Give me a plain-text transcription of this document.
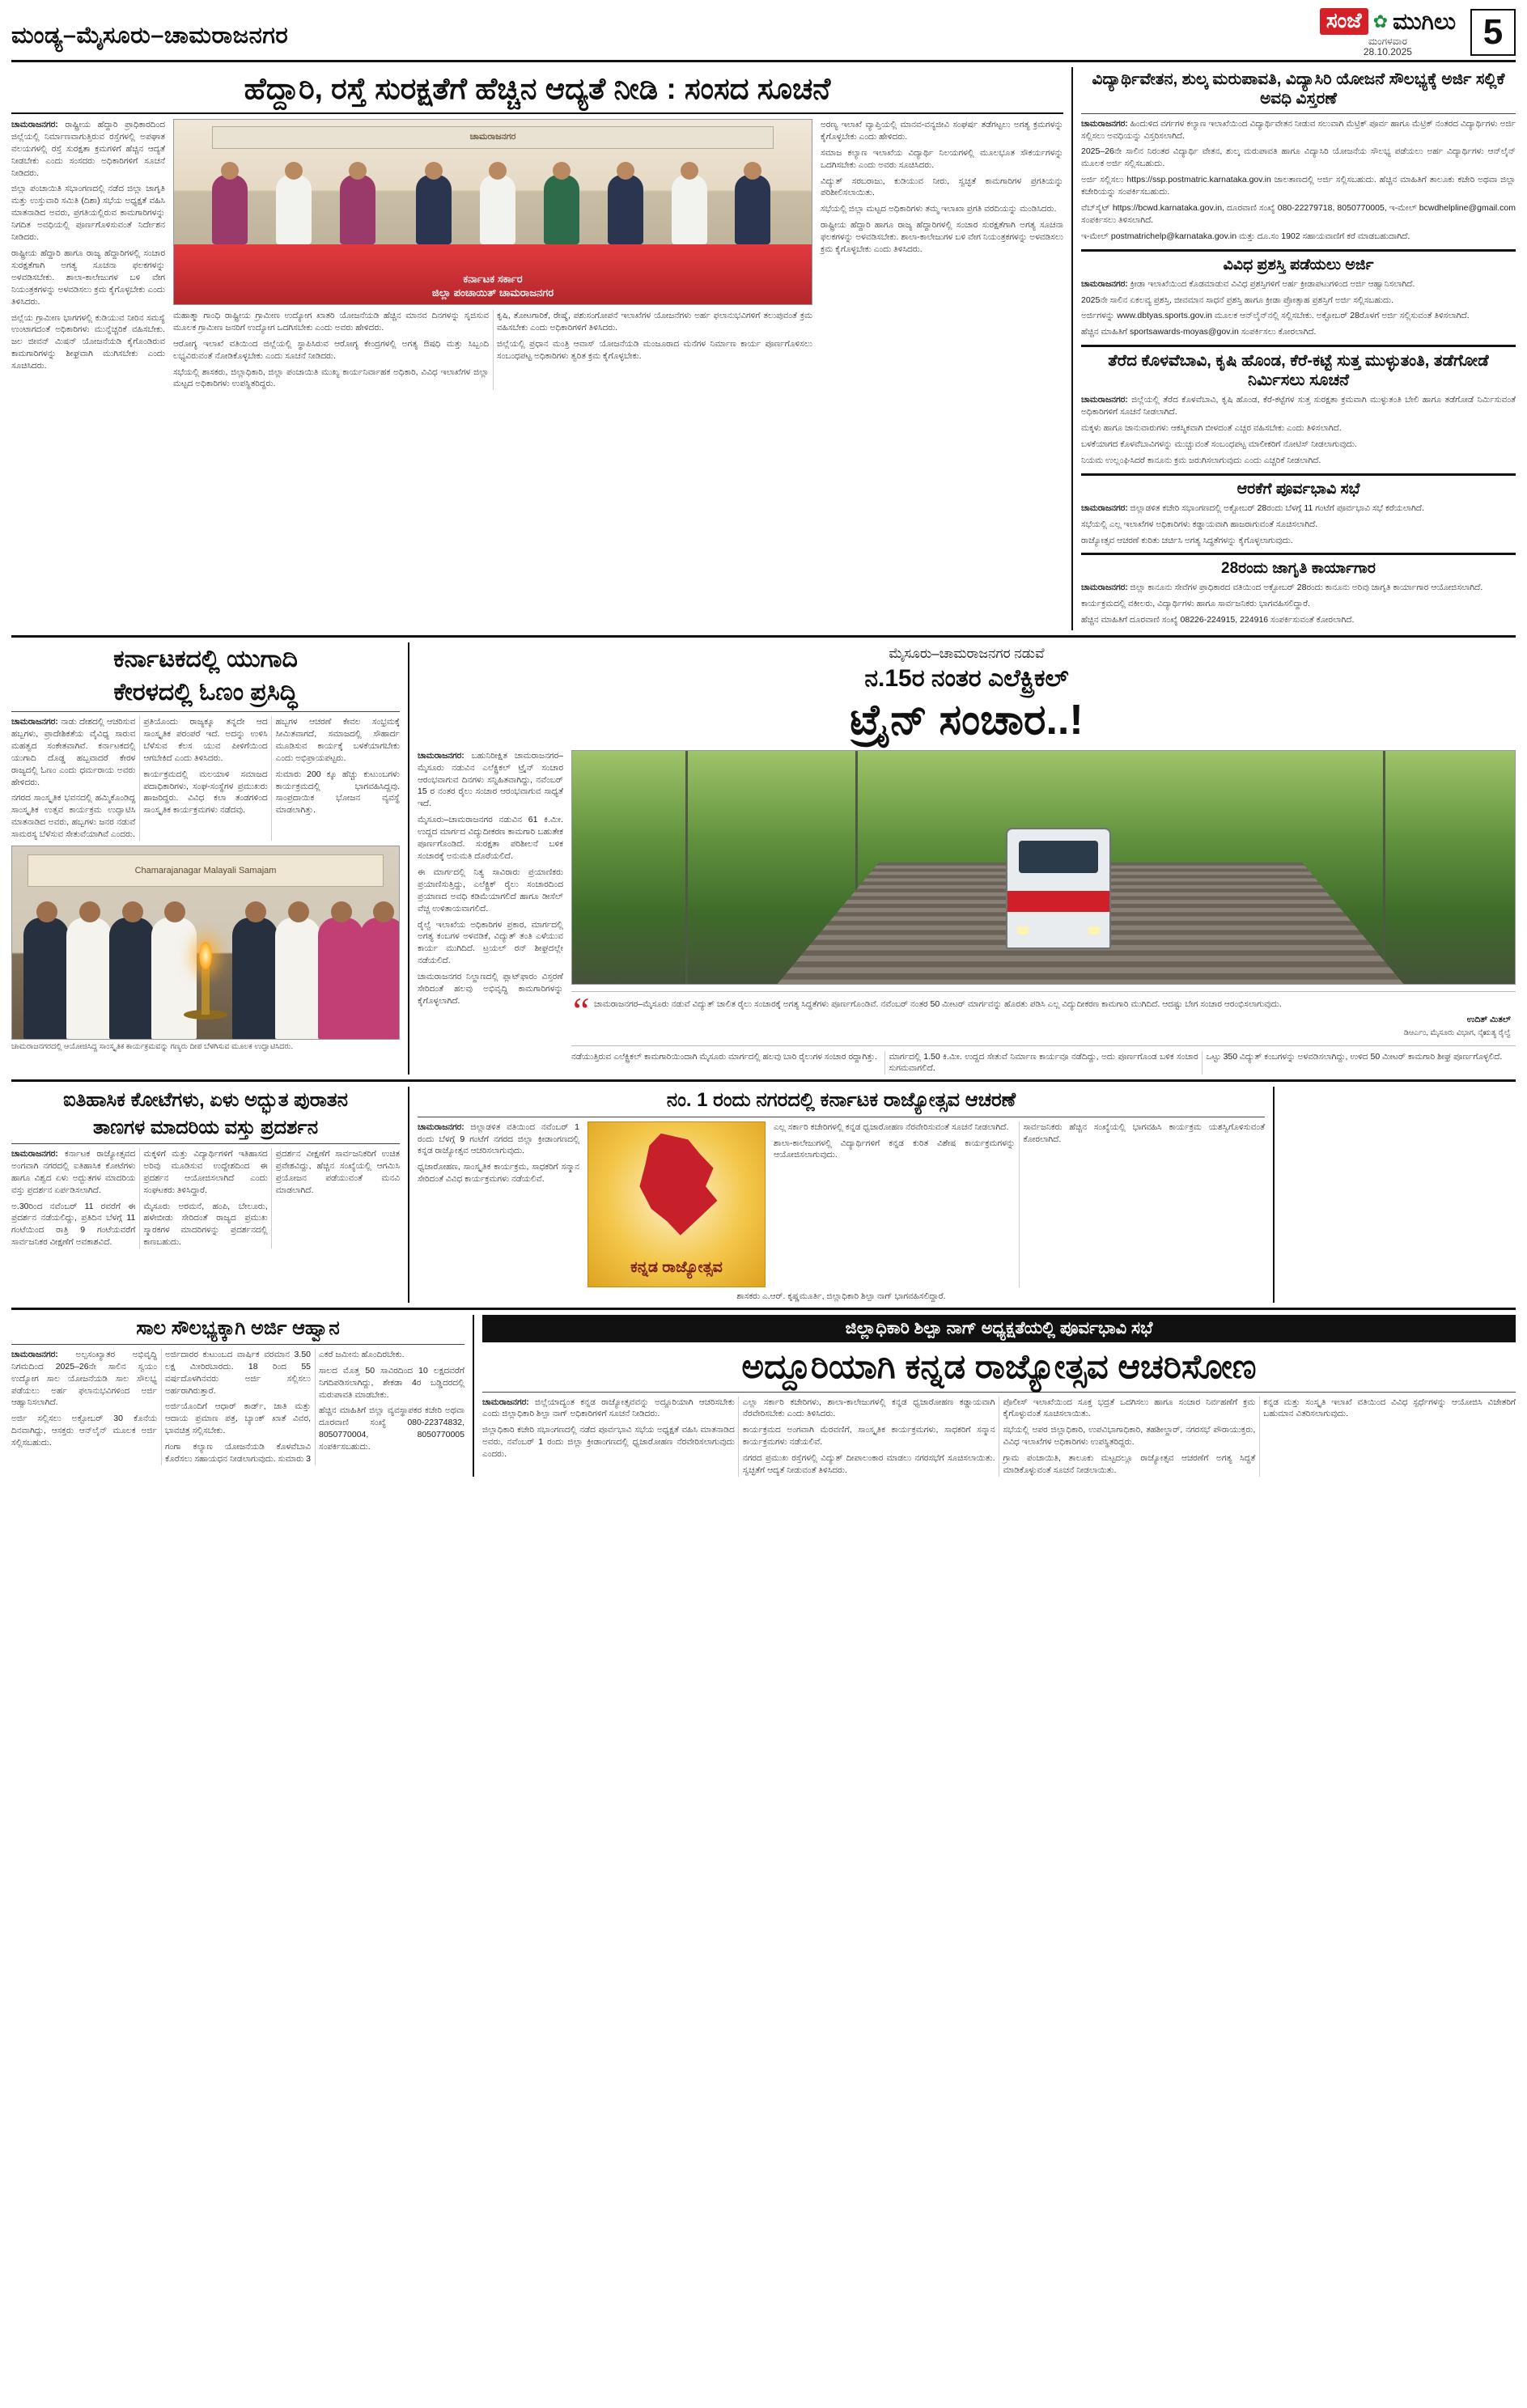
ಮಂಡ್ಯ–ಮೈಸೂರು–ಚಾಮರಾಜನಗರ
ಸಂಜೆ ✿ ಮುಗಿಲು
ಮಂಗಳವಾರ
28.10.2025	5
ಹೆದ್ದಾರಿ, ರಸ್ತೆ ಸುರಕ್ಷತೆಗೆ ಹೆಚ್ಚಿನ ಆದ್ಯತೆ ನೀಡಿ : ಸಂಸದ ಸೂಚನೆ

ಚಾಮರಾಜನಗರ: ರಾಷ್ಟ್ರೀಯ ಹೆದ್ದಾರಿ ಪ್ರಾಧಿಕಾರದಿಂದ ಜಿಲ್ಲೆಯಲ್ಲಿ ನಿರ್ಮಾಣವಾಗುತ್ತಿರುವ ರಸ್ತೆಗಳಲ್ಲಿ ಅಪಘಾತ ವಲಯಗಳಲ್ಲಿ ರಸ್ತೆ ಸುರಕ್ಷತಾ ಕ್ರಮಗಳಿಗೆ ಹೆಚ್ಚಿನ ಆದ್ಯತೆ ನೀಡಬೇಕು ಎಂದು ಸಂಸದರು ಅಧಿಕಾರಿಗಳಿಗೆ ಸೂಚನೆ ನೀಡಿದರು.

ಜಿಲ್ಲಾ ಪಂಚಾಯಿತಿ ಸಭಾಂಗಣದಲ್ಲಿ ನಡೆದ ಜಿಲ್ಲಾ ಜಾಗೃತಿ ಮತ್ತು ಉಸ್ತುವಾರಿ ಸಮಿತಿ (ದಿಶಾ) ಸಭೆಯ ಅಧ್ಯಕ್ಷತೆ ವಹಿಸಿ ಮಾತನಾಡಿದ ಅವರು, ಪ್ರಗತಿಯಲ್ಲಿರುವ ಕಾಮಗಾರಿಗಳನ್ನು ನಿಗದಿತ ಅವಧಿಯಲ್ಲಿ ಪೂರ್ಣಗೊಳಿಸುವಂತೆ ನಿರ್ದೇಶನ ನೀಡಿದರು.

ರಾಷ್ಟ್ರೀಯ ಹೆದ್ದಾರಿ ಹಾಗೂ ರಾಜ್ಯ ಹೆದ್ದಾರಿಗಳಲ್ಲಿ ಸಂಚಾರ ಸುರಕ್ಷತೆಗಾಗಿ ಅಗತ್ಯ ಸೂಚನಾ ಫಲಕಗಳನ್ನು ಅಳವಡಿಸಬೇಕು. ಶಾಲಾ-ಕಾಲೇಜುಗಳ ಬಳಿ ವೇಗ ನಿಯಂತ್ರಕಗಳನ್ನು ಅಳವಡಿಸಲು ಕ್ರಮ ಕೈಗೊಳ್ಳಬೇಕು ಎಂದು ತಿಳಿಸಿದರು.

ಜಿಲ್ಲೆಯ ಗ್ರಾಮೀಣ ಭಾಗಗಳಲ್ಲಿ ಕುಡಿಯುವ ನೀರಿನ ಸಮಸ್ಯೆ ಉಂಟಾಗದಂತೆ ಅಧಿಕಾರಿಗಳು ಮುನ್ನೆಚ್ಚರಿಕೆ ವಹಿಸಬೇಕು. ಜಲ ಜೀವನ್ ಮಿಷನ್ ಯೋಜನೆಯಡಿ ಕೈಗೊಂಡಿರುವ ಕಾಮಗಾರಿಗಳನ್ನು ಶೀಘ್ರವಾಗಿ ಮುಗಿಸಬೇಕು ಎಂದು ಸೂಚಿಸಿದರು.

ಚಾಮರಾಜನಗರ
ಕರ್ನಾಟಕ ಸರ್ಕಾರ
ಜಿಲ್ಲಾ ಪಂಚಾಯಿತ್ ಚಾಮರಾಜನಗರ

ಮಹಾತ್ಮಾ ಗಾಂಧಿ ರಾಷ್ಟ್ರೀಯ ಗ್ರಾಮೀಣ ಉದ್ಯೋಗ ಖಾತರಿ ಯೋಜನೆಯಡಿ ಹೆಚ್ಚಿನ ಮಾನವ ದಿನಗಳನ್ನು ಸೃಜಿಸುವ ಮೂಲಕ ಗ್ರಾಮೀಣ ಜನರಿಗೆ ಉದ್ಯೋಗ ಒದಗಿಸಬೇಕು ಎಂದು ಅವರು ಹೇಳಿದರು.

ಆರೋಗ್ಯ ಇಲಾಖೆ ವತಿಯಿಂದ ಜಿಲ್ಲೆಯಲ್ಲಿ ಸ್ಥಾಪಿಸಿರುವ ಆರೋಗ್ಯ ಕೇಂದ್ರಗಳಲ್ಲಿ ಅಗತ್ಯ ಔಷಧಿ ಮತ್ತು ಸಿಬ್ಬಂದಿ ಲಭ್ಯವಿರುವಂತೆ ನೋಡಿಕೊಳ್ಳಬೇಕು ಎಂದು ಸೂಚನೆ ನೀಡಿದರು.

ಸಭೆಯಲ್ಲಿ ಶಾಸಕರು, ಜಿಲ್ಲಾಧಿಕಾರಿ, ಜಿಲ್ಲಾ ಪಂಚಾಯಿತಿ ಮುಖ್ಯ ಕಾರ್ಯನಿರ್ವಾಹಕ ಅಧಿಕಾರಿ, ವಿವಿಧ ಇಲಾಖೆಗಳ ಜಿಲ್ಲಾ ಮಟ್ಟದ ಅಧಿಕಾರಿಗಳು ಉಪಸ್ಥಿತರಿದ್ದರು.

ಕೃಷಿ, ತೋಟಗಾರಿಕೆ, ರೇಷ್ಮೆ, ಪಶುಸಂಗೋಪನೆ ಇಲಾಖೆಗಳ ಯೋಜನೆಗಳು ಅರ್ಹ ಫಲಾನುಭವಿಗಳಿಗೆ ತಲುಪುವಂತೆ ಕ್ರಮ ವಹಿಸಬೇಕು ಎಂದು ಅಧಿಕಾರಿಗಳಿಗೆ ತಿಳಿಸಿದರು.

ಜಿಲ್ಲೆಯಲ್ಲಿ ಪ್ರಧಾನ ಮಂತ್ರಿ ಆವಾಸ್ ಯೋಜನೆಯಡಿ ಮಂಜೂರಾದ ಮನೆಗಳ ನಿರ್ಮಾಣ ಕಾರ್ಯ ಪೂರ್ಣಗೊಳಿಸಲು ಸಂಬಂಧಪಟ್ಟ ಅಧಿಕಾರಿಗಳು ತ್ವರಿತ ಕ್ರಮ ಕೈಗೊಳ್ಳಬೇಕು.

ಅರಣ್ಯ ಇಲಾಖೆ ವ್ಯಾಪ್ತಿಯಲ್ಲಿ ಮಾನವ-ವನ್ಯಜೀವಿ ಸಂಘರ್ಷ ತಡೆಗಟ್ಟಲು ಅಗತ್ಯ ಕ್ರಮಗಳನ್ನು ಕೈಗೊಳ್ಳಬೇಕು ಎಂದು ಹೇಳಿದರು.

ಸಮಾಜ ಕಲ್ಯಾಣ ಇಲಾಖೆಯ ವಿದ್ಯಾರ್ಥಿ ನಿಲಯಗಳಲ್ಲಿ ಮೂಲಭೂತ ಸೌಕರ್ಯಗಳನ್ನು ಒದಗಿಸಬೇಕು ಎಂದು ಅವರು ಸೂಚಿಸಿದರು.

ವಿದ್ಯುತ್ ಸರಬರಾಜು, ಕುಡಿಯುವ ನೀರು, ಸ್ವಚ್ಛತೆ ಕಾಮಗಾರಿಗಳ ಪ್ರಗತಿಯನ್ನು ಪರಿಶೀಲಿಸಲಾಯಿತು.

ಸಭೆಯಲ್ಲಿ ಜಿಲ್ಲಾ ಮಟ್ಟದ ಅಧಿಕಾರಿಗಳು ತಮ್ಮ ಇಲಾಖಾ ಪ್ರಗತಿ ವರದಿಯನ್ನು ಮಂಡಿಸಿದರು.

ರಾಷ್ಟ್ರೀಯ ಹೆದ್ದಾರಿ ಹಾಗೂ ರಾಜ್ಯ ಹೆದ್ದಾರಿಗಳಲ್ಲಿ ಸಂಚಾರ ಸುರಕ್ಷತೆಗಾಗಿ ಅಗತ್ಯ ಸೂಚನಾ ಫಲಕಗಳನ್ನು ಅಳವಡಿಸಬೇಕು. ಶಾಲಾ-ಕಾಲೇಜುಗಳ ಬಳಿ ವೇಗ ನಿಯಂತ್ರಕಗಳನ್ನು ಅಳವಡಿಸಲು ಕ್ರಮ ಕೈಗೊಳ್ಳಬೇಕು ಎಂದು ತಿಳಿಸಿದರು.

ವಿದ್ಯಾರ್ಥಿವೇತನ, ಶುಲ್ಕ ಮರುಪಾವತಿ, ವಿದ್ಯಾಸಿರಿ ಯೋಜನೆ ಸೌಲಭ್ಯಕ್ಕೆ ಅರ್ಜಿ ಸಲ್ಲಿಕೆ ಅವಧಿ ವಿಸ್ತರಣೆ

ಚಾಮರಾಜನಗರ: ಹಿಂದುಳಿದ ವರ್ಗಗಳ ಕಲ್ಯಾಣ ಇಲಾಖೆಯಿಂದ ವಿದ್ಯಾರ್ಥಿವೇತನ ನೀಡುವ ಸಲುವಾಗಿ ಮೆಟ್ರಿಕ್ ಪೂರ್ವ ಹಾಗೂ ಮೆಟ್ರಿಕ್ ನಂತರದ ವಿದ್ಯಾರ್ಥಿಗಳು ಅರ್ಜಿ ಸಲ್ಲಿಸಲು ಅವಧಿಯನ್ನು ವಿಸ್ತರಿಸಲಾಗಿದೆ.

2025–26ನೇ ಸಾಲಿನ ನಿರಂತರ ವಿದ್ಯಾರ್ಥಿ ವೇತನ, ಶುಲ್ಕ ಮರುಪಾವತಿ ಹಾಗೂ ವಿದ್ಯಾಸಿರಿ ಯೋಜನೆಯ ಸೌಲಭ್ಯ ಪಡೆಯಲು ಅರ್ಹ ವಿದ್ಯಾರ್ಥಿಗಳು ಆನ್‌ಲೈನ್ ಮೂಲಕ ಅರ್ಜಿ ಸಲ್ಲಿಸಬಹುದು.

ಅರ್ಜಿ ಸಲ್ಲಿಸಲು https://ssp.postmatric.karnataka.gov.in ಜಾಲತಾಣದಲ್ಲಿ ಅರ್ಜಿ ಸಲ್ಲಿಸಬಹುದು. ಹೆಚ್ಚಿನ ಮಾಹಿತಿಗೆ ತಾಲೂಕು ಕಚೇರಿ ಅಥವಾ ಜಿಲ್ಲಾ ಕಚೇರಿಯನ್ನು ಸಂಪರ್ಕಿಸಬಹುದು.

ವೆಬ್‌ಸೈಟ್ https://bcwd.karnataka.gov.in, ದೂರವಾಣಿ ಸಂಖ್ಯೆ 080-22279718, 8050770005, ಇ-ಮೇಲ್ bcwdhelpline@gmail.com ಸಂಪರ್ಕಿಸಲು ತಿಳಿಸಲಾಗಿದೆ.

ಇ-ಮೇಲ್ postmatrichelp@karnataka.gov.in ಮತ್ತು ದೂ.ಸಂ 1902 ಸಹಾಯವಾಣಿಗೆ ಕರೆ ಮಾಡಬಹುದಾಗಿದೆ.

ವಿವಿಧ ಪ್ರಶಸ್ತಿ ಪಡೆಯಲು ಅರ್ಜಿ

ಚಾಮರಾಜನಗರ: ಕ್ರೀಡಾ ಇಲಾಖೆಯಿಂದ ಕೊಡಮಾಡುವ ವಿವಿಧ ಪ್ರಶಸ್ತಿಗಳಿಗೆ ಅರ್ಹ ಕ್ರೀಡಾಪಟುಗಳಿಂದ ಅರ್ಜಿ ಆಹ್ವಾನಿಸಲಾಗಿದೆ.

2025ನೇ ಸಾಲಿನ ಏಕಲವ್ಯ ಪ್ರಶಸ್ತಿ, ಜೀವಮಾನ ಸಾಧನೆ ಪ್ರಶಸ್ತಿ ಹಾಗೂ ಕ್ರೀಡಾ ಪ್ರೋತ್ಸಾಹ ಪ್ರಶಸ್ತಿಗೆ ಅರ್ಜಿ ಸಲ್ಲಿಸಬಹುದು.

ಅರ್ಜಿಗಳನ್ನು www.dbtyas.sports.gov.in ಮೂಲಕ ಆನ್‌ಲೈನ್‌ನಲ್ಲಿ ಸಲ್ಲಿಸಬೇಕು. ಅಕ್ಟೋಬರ್ 28ರೊಳಗೆ ಅರ್ಜಿ ಸಲ್ಲಿಸುವಂತೆ ತಿಳಿಸಲಾಗಿದೆ.

ಹೆಚ್ಚಿನ ಮಾಹಿತಿಗೆ sportsawards-moyas@gov.in ಸಂಪರ್ಕಿಸಲು ಕೋರಲಾಗಿದೆ.

ತೆರೆದ ಕೊಳವೆಬಾವಿ, ಕೃಷಿ ಹೊಂಡ, ಕೆರೆ-ಕಟ್ಟೆ ಸುತ್ತ ಮುಳ್ಳುತಂತಿ, ತಡೆಗೋಡೆ ನಿರ್ಮಿಸಲು ಸೂಚನೆ

ಚಾಮರಾಜನಗರ: ಜಿಲ್ಲೆಯಲ್ಲಿ ತೆರೆದ ಕೊಳವೆಬಾವಿ, ಕೃಷಿ ಹೊಂಡ, ಕೆರೆ-ಕಟ್ಟೆಗಳ ಸುತ್ತ ಸುರಕ್ಷತಾ ಕ್ರಮವಾಗಿ ಮುಳ್ಳುತಂತಿ ಬೇಲಿ ಹಾಗೂ ತಡೆಗೋಡೆ ನಿರ್ಮಿಸುವಂತೆ ಅಧಿಕಾರಿಗಳಿಗೆ ಸೂಚನೆ ನೀಡಲಾಗಿದೆ.

ಮಕ್ಕಳು ಹಾಗೂ ಜಾನುವಾರುಗಳು ಆಕಸ್ಮಿಕವಾಗಿ ಬೀಳದಂತೆ ಎಚ್ಚರ ವಹಿಸಬೇಕು ಎಂದು ತಿಳಿಸಲಾಗಿದೆ.

ಬಳಕೆಯಾಗದ ಕೊಳವೆಬಾವಿಗಳನ್ನು ಮುಚ್ಚುವಂತೆ ಸಂಬಂಧಪಟ್ಟ ಮಾಲೀಕರಿಗೆ ನೋಟಿಸ್ ನೀಡಲಾಗುವುದು.

ನಿಯಮ ಉಲ್ಲಂಘಿಸಿದರೆ ಕಾನೂನು ಕ್ರಮ ಜರುಗಿಸಲಾಗುವುದು ಎಂದು ಎಚ್ಚರಿಕೆ ನೀಡಲಾಗಿದೆ.

ಆರಕೆಗೆ ಪೂರ್ವಭಾವಿ ಸಭೆ

ಚಾಮರಾಜನಗರ: ಜಿಲ್ಲಾಡಳಿತ ಕಚೇರಿ ಸಭಾಂಗಣದಲ್ಲಿ ಅಕ್ಟೋಬರ್ 28ರಂದು ಬೆಳಗ್ಗೆ 11 ಗಂಟೆಗೆ ಪೂರ್ವಭಾವಿ ಸಭೆ ಕರೆಯಲಾಗಿದೆ.

ಸಭೆಯಲ್ಲಿ ಎಲ್ಲ ಇಲಾಖೆಗಳ ಅಧಿಕಾರಿಗಳು ಕಡ್ಡಾಯವಾಗಿ ಹಾಜರಾಗುವಂತೆ ಸೂಚಿಸಲಾಗಿದೆ.

ರಾಜ್ಯೋತ್ಸವ ಆಚರಣೆ ಕುರಿತು ಚರ್ಚಿಸಿ ಅಗತ್ಯ ಸಿದ್ಧತೆಗಳನ್ನು ಕೈಗೊಳ್ಳಲಾಗುವುದು.

28ರಂದು ಜಾಗೃತಿ ಕಾರ್ಯಾಗಾರ

ಚಾಮರಾಜನಗರ: ಜಿಲ್ಲಾ ಕಾನೂನು ಸೇವೆಗಳ ಪ್ರಾಧಿಕಾರದ ವತಿಯಿಂದ ಅಕ್ಟೋಬರ್ 28ರಂದು ಕಾನೂನು ಅರಿವು ಜಾಗೃತಿ ಕಾರ್ಯಾಗಾರ ಆಯೋಜಿಸಲಾಗಿದೆ.

ಕಾರ್ಯಕ್ರಮದಲ್ಲಿ ವಕೀಲರು, ವಿದ್ಯಾರ್ಥಿಗಳು ಹಾಗೂ ಸಾರ್ವಜನಿಕರು ಭಾಗವಹಿಸಲಿದ್ದಾರೆ.

ಹೆಚ್ಚಿನ ಮಾಹಿತಿಗೆ ದೂರವಾಣಿ ಸಂಖ್ಯೆ 08226-224915, 224916 ಸಂಪರ್ಕಿಸುವಂತೆ ಕೋರಲಾಗಿದೆ.

ಕರ್ನಾಟಕದಲ್ಲಿ ಯುಗಾದಿ
ಕೇರಳದಲ್ಲಿ ಓಣಂ ಪ್ರಸಿದ್ಧಿ

ಚಾಮರಾಜನಗರ: ನಾಡು ದೇಶದಲ್ಲಿ ಆಚರಿಸುವ ಹಬ್ಬಗಳು, ಪ್ರಾದೇಶಿಕತೆಯ ವೈವಿಧ್ಯ ಸಾರುವ ಮಹತ್ವದ ಸಂಕೇತವಾಗಿವೆ. ಕರ್ನಾಟಕದಲ್ಲಿ ಯುಗಾದಿ ದೊಡ್ಡ ಹಬ್ಬವಾದರೆ ಕೇರಳ ರಾಜ್ಯದಲ್ಲಿ ಓಣಂ ಎಂದು ಧರ್ಮರಾಯ ಅವರು ಹೇಳಿದರು.

ನಗರದ ಸಾಂಸ್ಕೃತಿಕ ಭವನದಲ್ಲಿ ಹಮ್ಮಿಕೊಂಡಿದ್ದ ಸಾಂಸ್ಕೃತಿಕ ಉತ್ಸವ ಕಾರ್ಯಕ್ರಮ ಉದ್ಘಾಟಿಸಿ ಮಾತನಾಡಿದ ಅವರು, ಹಬ್ಬಗಳು ಜನರ ನಡುವೆ ಸಾಮರಸ್ಯ ಬೆಳೆಸುವ ಸೇತುವೆಯಾಗಿವೆ ಎಂದರು.

ಪ್ರತಿಯೊಂದು ರಾಜ್ಯಕ್ಕೂ ತನ್ನದೇ ಆದ ಸಾಂಸ್ಕೃತಿಕ ಪರಂಪರೆ ಇದೆ. ಅದನ್ನು ಉಳಿಸಿ ಬೆಳೆಸುವ ಕೆಲಸ ಯುವ ಪೀಳಿಗೆಯಿಂದ ಆಗಬೇಕಿದೆ ಎಂದು ತಿಳಿಸಿದರು.

ಕಾರ್ಯಕ್ರಮದಲ್ಲಿ ಮಲಯಾಳಿ ಸಮಾಜದ ಪದಾಧಿಕಾರಿಗಳು, ಸಂಘ-ಸಂಸ್ಥೆಗಳ ಪ್ರಮುಖರು ಹಾಜರಿದ್ದರು. ವಿವಿಧ ಕಲಾ ತಂಡಗಳಿಂದ ಸಾಂಸ್ಕೃತಿಕ ಕಾರ್ಯಕ್ರಮಗಳು ನಡೆದವು.

ಹಬ್ಬಗಳ ಆಚರಣೆ ಕೇವಲ ಸಂಭ್ರಮಕ್ಕೆ ಸೀಮಿತವಾಗದೆ, ಸಮಾಜದಲ್ಲಿ ಸೌಹಾರ್ದ ಮೂಡಿಸುವ ಕಾರ್ಯಕ್ಕೆ ಬಳಕೆಯಾಗಬೇಕು ಎಂದು ಅಭಿಪ್ರಾಯಪಟ್ಟರು.

ಸುಮಾರು 200 ಕ್ಕೂ ಹೆಚ್ಚು ಕುಟುಂಬಗಳು ಕಾರ್ಯಕ್ರಮದಲ್ಲಿ ಭಾಗವಹಿಸಿದ್ದವು. ಸಾಂಪ್ರದಾಯಿಕ ಭೋಜನ ವ್ಯವಸ್ಥೆ ಮಾಡಲಾಗಿತ್ತು.

Chamarajanagar Malayali Samajam
ಚಾಮರಾಜನಗರದಲ್ಲಿ ಆಯೋಜಿಸಿದ್ದ ಸಾಂಸ್ಕೃತಿಕ ಕಾರ್ಯಕ್ರಮವನ್ನು ಗಣ್ಯರು ದೀಪ ಬೆಳಗಿಸುವ ಮೂಲಕ ಉದ್ಘಾಟಿಸಿದರು.
ಮೈಸೂರು–ಚಾಮರಾಜನಗರ ನಡುವೆ
ನ.15ರ ನಂತರ ಎಲೆಕ್ಟ್ರಿಕಲ್
ಟ್ರೈನ್ ಸಂಚಾರ..!

ಚಾಮರಾಜನಗರ: ಬಹುನಿರೀಕ್ಷಿತ ಚಾಮರಾಜನಗರ–ಮೈಸೂರು ನಡುವಿನ ಎಲೆಕ್ಟ್ರಿಕಲ್ ಟ್ರೈನ್ ಸಂಚಾರ ಆರಂಭವಾಗುವ ದಿನಗಳು ಸನ್ನಿಹಿತವಾಗಿದ್ದು, ನವೆಂಬರ್ 15 ರ ನಂತರ ರೈಲು ಸಂಚಾರ ಆರಂಭವಾಗುವ ಸಾಧ್ಯತೆ ಇದೆ.

ಮೈಸೂರು–ಚಾಮರಾಜನಗರ ನಡುವಿನ 61 ಕಿ.ಮೀ. ಉದ್ದದ ಮಾರ್ಗದ ವಿದ್ಯುದೀಕರಣ ಕಾಮಗಾರಿ ಬಹುತೇಕ ಪೂರ್ಣಗೊಂಡಿದೆ. ಸುರಕ್ಷತಾ ಪರಿಶೀಲನೆ ಬಳಿಕ ಸಂಚಾರಕ್ಕೆ ಅನುಮತಿ ದೊರೆಯಲಿದೆ.

ಈ ಮಾರ್ಗದಲ್ಲಿ ನಿತ್ಯ ಸಾವಿರಾರು ಪ್ರಯಾಣಿಕರು ಪ್ರಯಾಣಿಸುತ್ತಿದ್ದು, ಎಲೆಕ್ಟ್ರಿಕ್ ರೈಲು ಸಂಚಾರದಿಂದ ಪ್ರಯಾಣದ ಅವಧಿ ಕಡಿಮೆಯಾಗಲಿದೆ ಹಾಗೂ ಡೀಸೆಲ್ ವೆಚ್ಚ ಉಳಿತಾಯವಾಗಲಿದೆ.

ರೈಲ್ವೆ ಇಲಾಖೆಯ ಅಧಿಕಾರಿಗಳ ಪ್ರಕಾರ, ಮಾರ್ಗದಲ್ಲಿ ಅಗತ್ಯ ಕಂಬಗಳ ಅಳವಡಿಕೆ, ವಿದ್ಯುತ್ ತಂತಿ ಎಳೆಯುವ ಕಾರ್ಯ ಮುಗಿದಿದೆ. ಟ್ರಯಲ್ ರನ್ ಶೀಘ್ರದಲ್ಲೇ ನಡೆಯಲಿದೆ.

ಚಾಮರಾಜನಗರ ನಿಲ್ದಾಣದಲ್ಲಿ ಪ್ಲಾಟ್‌ಫಾರಂ ವಿಸ್ತರಣೆ ಸೇರಿದಂತೆ ಹಲವು ಅಭಿವೃದ್ಧಿ ಕಾಮಗಾರಿಗಳನ್ನು ಕೈಗೊಳ್ಳಲಾಗಿದೆ.	“ ಚಾಮರಾಜನಗರ–ಮೈಸೂರು ನಡುವೆ ವಿದ್ಯುತ್ ಚಾಲಿತ ರೈಲು ಸಂಚಾರಕ್ಕೆ ಅಗತ್ಯ ಸಿದ್ಧತೆಗಳು ಪೂರ್ಣಗೊಂಡಿವೆ. ನವೆಂಬರ್ ನಂತರ 50 ಮೀಟರ್ ಮಾರ್ಗವನ್ನು ಹೊರತು ಪಡಿಸಿ ಎಲ್ಲ ವಿದ್ಯುದೀಕರಣ ಕಾಮಗಾರಿ ಮುಗಿದಿದೆ. ಆದಷ್ಟು ಬೇಗ ಸಂಚಾರ ಆರಂಭಿಸಲಾಗುವುದು.
ಉದಿತ್ ಮಿತಲ್
ಡಿಆರ್ಎಂ, ಮೈಸೂರು ವಿಭಾಗ, ನೈಋತ್ಯ ರೈಲ್ವೆ

ನಡೆಯುತ್ತಿರುವ ಎಲೆಕ್ಟ್ರಿಕಲ್ ಕಾಮಗಾರಿಯಿಂದಾಗಿ ಮೈಸೂರು ಮಾರ್ಗದಲ್ಲಿ ಹಲವು ಬಾರಿ ರೈಲುಗಳ ಸಂಚಾರ ರದ್ದಾಗಿತ್ತು.	ಮಾರ್ಗದಲ್ಲಿ 1.50 ಕಿ.ಮೀ. ಉದ್ದದ ಸೇತುವೆ ನಿರ್ಮಾಣ ಕಾರ್ಯವೂ ನಡೆದಿದ್ದು, ಅದು ಪೂರ್ಣಗೊಂಡ ಬಳಿಕ ಸಂಚಾರ ಸುಗಮವಾಗಲಿದೆ.

ಒಟ್ಟು 350 ವಿದ್ಯುತ್ ಕಂಬಗಳನ್ನು ಅಳವಡಿಸಲಾಗಿದ್ದು, ಉಳಿದ 50 ಮೀಟರ್ ಕಾಮಗಾರಿ ಶೀಘ್ರ ಪೂರ್ಣಗೊಳ್ಳಲಿದೆ.

ಐತಿಹಾಸಿಕ ಕೋಟೆಗಳು, ಏಳು ಅದ್ಭುತ ಪುರಾತನ
ತಾಣಗಳ ಮಾದರಿಯ ವಸ್ತು ಪ್ರದರ್ಶನ

ಚಾಮರಾಜನಗರ: ಕರ್ನಾಟಕ ರಾಜ್ಯೋತ್ಸವದ ಅಂಗವಾಗಿ ನಗರದಲ್ಲಿ ಐತಿಹಾಸಿಕ ಕೋಟೆಗಳು ಹಾಗೂ ವಿಶ್ವದ ಏಳು ಅದ್ಭುತಗಳ ಮಾದರಿಯ ವಸ್ತು ಪ್ರದರ್ಶನ ಏರ್ಪಡಿಸಲಾಗಿದೆ.

ಅ.30ರಿಂದ ನವೆಂಬರ್ 11 ರವರೆಗೆ ಈ ಪ್ರದರ್ಶನ ನಡೆಯಲಿದ್ದು, ಪ್ರತಿದಿನ ಬೆಳಗ್ಗೆ 11 ಗಂಟೆಯಿಂದ ರಾತ್ರಿ 9 ಗಂಟೆಯವರೆಗೆ ಸಾರ್ವಜನಿಕರ ವೀಕ್ಷಣೆಗೆ ಅವಕಾಶವಿದೆ.

ಮಕ್ಕಳಿಗೆ ಮತ್ತು ವಿದ್ಯಾರ್ಥಿಗಳಿಗೆ ಇತಿಹಾಸದ ಅರಿವು ಮೂಡಿಸುವ ಉದ್ದೇಶದಿಂದ ಈ ಪ್ರದರ್ಶನ ಆಯೋಜಿಸಲಾಗಿದೆ ಎಂದು ಸಂಘಟಕರು ತಿಳಿಸಿದ್ದಾರೆ.

ಮೈಸೂರು ಅರಮನೆ, ಹಂಪಿ, ಬೇಲೂರು, ಹಳೇಬೀಡು ಸೇರಿದಂತೆ ರಾಜ್ಯದ ಪ್ರಮುಖ ಸ್ಮಾರಕಗಳ ಮಾದರಿಗಳನ್ನು ಪ್ರದರ್ಶನದಲ್ಲಿ ಕಾಣಬಹುದು.

ಪ್ರದರ್ಶನ ವೀಕ್ಷಣೆಗೆ ಸಾರ್ವಜನಿಕರಿಗೆ ಉಚಿತ ಪ್ರವೇಶವಿದ್ದು, ಹೆಚ್ಚಿನ ಸಂಖ್ಯೆಯಲ್ಲಿ ಆಗಮಿಸಿ ಪ್ರಯೋಜನ ಪಡೆಯುವಂತೆ ಮನವಿ ಮಾಡಲಾಗಿದೆ.

ನಂ. 1 ರಂದು ನಗರದಲ್ಲಿ ಕರ್ನಾಟಕ ರಾಜ್ಯೋತ್ಸವ ಆಚರಣೆ

ಚಾಮರಾಜನಗರ: ಜಿಲ್ಲಾಡಳಿತ ವತಿಯಿಂದ ನವೆಂಬರ್ 1 ರಂದು ಬೆಳಗ್ಗೆ 9 ಗಂಟೆಗೆ ನಗರದ ಜಿಲ್ಲಾ ಕ್ರೀಡಾಂಗಣದಲ್ಲಿ ಕನ್ನಡ ರಾಜ್ಯೋತ್ಸವ ಆಚರಿಸಲಾಗುವುದು.

ಧ್ವಜಾರೋಹಣ, ಸಾಂಸ್ಕೃತಿಕ ಕಾರ್ಯಕ್ರಮ, ಸಾಧಕರಿಗೆ ಸನ್ಮಾನ ಸೇರಿದಂತೆ ವಿವಿಧ ಕಾರ್ಯಕ್ರಮಗಳು ನಡೆಯಲಿವೆ.

ಕನ್ನಡ ರಾಜ್ಯೋತ್ಸವ

ಎಲ್ಲ ಸರ್ಕಾರಿ ಕಚೇರಿಗಳಲ್ಲಿ ಕನ್ನಡ ಧ್ವಜಾರೋಹಣ ನೆರವೇರಿಸುವಂತೆ ಸೂಚನೆ ನೀಡಲಾಗಿದೆ.

ಶಾಲಾ-ಕಾಲೇಜುಗಳಲ್ಲಿ ವಿದ್ಯಾರ್ಥಿಗಳಿಗೆ ಕನ್ನಡ ಕುರಿತ ವಿಶೇಷ ಕಾರ್ಯಕ್ರಮಗಳನ್ನು ಆಯೋಜಿಸಲಾಗುವುದು.

ಸಾರ್ವಜನಿಕರು ಹೆಚ್ಚಿನ ಸಂಖ್ಯೆಯಲ್ಲಿ ಭಾಗವಹಿಸಿ ಕಾರ್ಯಕ್ರಮ ಯಶಸ್ವಿಗೊಳಿಸುವಂತೆ ಕೋರಲಾಗಿದೆ.

ಶಾಸಕರು ಎ.ಆರ್. ಕೃಷ್ಣಮೂರ್ತಿ, ಜಿಲ್ಲಾಧಿಕಾರಿ ಶಿಲ್ಪಾ ನಾಗ್ ಭಾಗವಹಿಸಲಿದ್ದಾರೆ.
ಸಾಲ ಸೌಲಭ್ಯಕ್ಕಾಗಿ ಅರ್ಜಿ ಆಹ್ವಾನ

ಚಾಮರಾಜನಗರ: ಅಲ್ಪಸಂಖ್ಯಾತರ ಅಭಿವೃದ್ಧಿ ನಿಗಮದಿಂದ 2025–26ನೇ ಸಾಲಿನ ಸ್ವಯಂ ಉದ್ಯೋಗ ಸಾಲ ಯೋಜನೆಯಡಿ ಸಾಲ ಸೌಲಭ್ಯ ಪಡೆಯಲು ಅರ್ಹ ಫಲಾನುಭವಿಗಳಿಂದ ಅರ್ಜಿ ಆಹ್ವಾನಿಸಲಾಗಿದೆ.

ಅರ್ಜಿ ಸಲ್ಲಿಸಲು ಅಕ್ಟೋಬರ್ 30 ಕೊನೆಯ ದಿನವಾಗಿದ್ದು, ಆಸಕ್ತರು ಆನ್‌ಲೈನ್ ಮೂಲಕ ಅರ್ಜಿ ಸಲ್ಲಿಸಬಹುದು.

ಅರ್ಜಿದಾರರ ಕುಟುಂಬದ ವಾರ್ಷಿಕ ವರಮಾನ 3.50 ಲಕ್ಷ ಮೀರಿರಬಾರದು. 18 ರಿಂದ 55 ವರ್ಷದೊಳಗಿನವರು ಅರ್ಜಿ ಸಲ್ಲಿಸಲು ಅರ್ಹರಾಗಿರುತ್ತಾರೆ.

ಅರ್ಜಿಯೊಂದಿಗೆ ಆಧಾರ್ ಕಾರ್ಡ್, ಜಾತಿ ಮತ್ತು ಆದಾಯ ಪ್ರಮಾಣ ಪತ್ರ, ಬ್ಯಾಂಕ್ ಖಾತೆ ವಿವರ, ಭಾವಚಿತ್ರ ಸಲ್ಲಿಸಬೇಕು.

ಗಂಗಾ ಕಲ್ಯಾಣ ಯೋಜನೆಯಡಿ ಕೊಳವೆಬಾವಿ ಕೊರೆಸಲು ಸಹಾಯಧನ ನೀಡಲಾಗುವುದು. ಸುಮಾರು 3 ಎಕರೆ ಜಮೀನು ಹೊಂದಿರಬೇಕು.

ಸಾಲದ ಮೊತ್ತ 50 ಸಾವಿರದಿಂದ 10 ಲಕ್ಷದವರೆಗೆ ನಿಗದಿಪಡಿಸಲಾಗಿದ್ದು, ಶೇಕಡಾ 4ರ ಬಡ್ಡಿದರದಲ್ಲಿ ಮರುಪಾವತಿ ಮಾಡಬೇಕು.

ಹೆಚ್ಚಿನ ಮಾಹಿತಿಗೆ ಜಿಲ್ಲಾ ವ್ಯವಸ್ಥಾಪಕರ ಕಚೇರಿ ಅಥವಾ ದೂರವಾಣಿ ಸಂಖ್ಯೆ 080-22374832, 8050770004, 8050770005 ಸಂಪರ್ಕಿಸಬಹುದು.

ಜಿಲ್ಲಾಧಿಕಾರಿ ಶಿಲ್ಪಾ ನಾಗ್ ಅಧ್ಯಕ್ಷತೆಯಲ್ಲಿ ಪೂರ್ವಭಾವಿ ಸಭೆ
ಅದ್ದೂರಿಯಾಗಿ ಕನ್ನಡ ರಾಜ್ಯೋತ್ಸವ ಆಚರಿಸೋಣ

ಚಾಮರಾಜನಗರ: ಜಿಲ್ಲೆಯಾದ್ಯಂತ ಕನ್ನಡ ರಾಜ್ಯೋತ್ಸವವನ್ನು ಅದ್ದೂರಿಯಾಗಿ ಆಚರಿಸಬೇಕು ಎಂದು ಜಿಲ್ಲಾಧಿಕಾರಿ ಶಿಲ್ಪಾ ನಾಗ್ ಅಧಿಕಾರಿಗಳಿಗೆ ಸೂಚನೆ ನೀಡಿದರು.

ಜಿಲ್ಲಾಧಿಕಾರಿ ಕಚೇರಿ ಸಭಾಂಗಣದಲ್ಲಿ ನಡೆದ ಪೂರ್ವಭಾವಿ ಸಭೆಯ ಅಧ್ಯಕ್ಷತೆ ವಹಿಸಿ ಮಾತನಾಡಿದ ಅವರು, ನವೆಂಬರ್ 1 ರಂದು ಜಿಲ್ಲಾ ಕ್ರೀಡಾಂಗಣದಲ್ಲಿ ಧ್ವಜಾರೋಹಣ ನೆರವೇರಿಸಲಾಗುವುದು ಎಂದರು.

ಎಲ್ಲಾ ಸರ್ಕಾರಿ ಕಚೇರಿಗಳು, ಶಾಲಾ-ಕಾಲೇಜುಗಳಲ್ಲಿ ಕನ್ನಡ ಧ್ವಜಾರೋಹಣ ಕಡ್ಡಾಯವಾಗಿ ನೆರವೇರಿಸಬೇಕು ಎಂದು ತಿಳಿಸಿದರು.

ಕಾರ್ಯಕ್ರಮದ ಅಂಗವಾಗಿ ಮೆರವಣಿಗೆ, ಸಾಂಸ್ಕೃತಿಕ ಕಾರ್ಯಕ್ರಮಗಳು, ಸಾಧಕರಿಗೆ ಸನ್ಮಾನ ಕಾರ್ಯಕ್ರಮಗಳು ನಡೆಯಲಿವೆ.

ನಗರದ ಪ್ರಮುಖ ರಸ್ತೆಗಳಲ್ಲಿ ವಿದ್ಯುತ್ ದೀಪಾಲಂಕಾರ ಮಾಡಲು ನಗರಸಭೆಗೆ ಸೂಚಿಸಲಾಯಿತು. ಸ್ವಚ್ಛತೆಗೆ ಆದ್ಯತೆ ನೀಡುವಂತೆ ತಿಳಿಸಿದರು.

ಪೊಲೀಸ್ ಇಲಾಖೆಯಿಂದ ಸೂಕ್ತ ಭದ್ರತೆ ಒದಗಿಸಲು ಹಾಗೂ ಸಂಚಾರ ನಿರ್ವಹಣೆಗೆ ಕ್ರಮ ಕೈಗೊಳ್ಳುವಂತೆ ಸೂಚಿಸಲಾಯಿತು.

ಸಭೆಯಲ್ಲಿ ಅಪರ ಜಿಲ್ಲಾಧಿಕಾರಿ, ಉಪವಿಭಾಗಾಧಿಕಾರಿ, ತಹಶೀಲ್ದಾರ್, ನಗರಸಭೆ ಪೌರಾಯುಕ್ತರು, ವಿವಿಧ ಇಲಾಖೆಗಳ ಅಧಿಕಾರಿಗಳು ಉಪಸ್ಥಿತರಿದ್ದರು.

ಗ್ರಾಮ ಪಂಚಾಯಿತಿ, ತಾಲೂಕು ಮಟ್ಟದಲ್ಲೂ ರಾಜ್ಯೋತ್ಸವ ಆಚರಣೆಗೆ ಅಗತ್ಯ ಸಿದ್ಧತೆ ಮಾಡಿಕೊಳ್ಳುವಂತೆ ಸೂಚನೆ ನೀಡಲಾಯಿತು.

ಕನ್ನಡ ಮತ್ತು ಸಂಸ್ಕೃತಿ ಇಲಾಖೆ ವತಿಯಿಂದ ವಿವಿಧ ಸ್ಪರ್ಧೆಗಳನ್ನು ಆಯೋಜಿಸಿ ವಿಜೇತರಿಗೆ ಬಹುಮಾನ ವಿತರಿಸಲಾಗುವುದು.
